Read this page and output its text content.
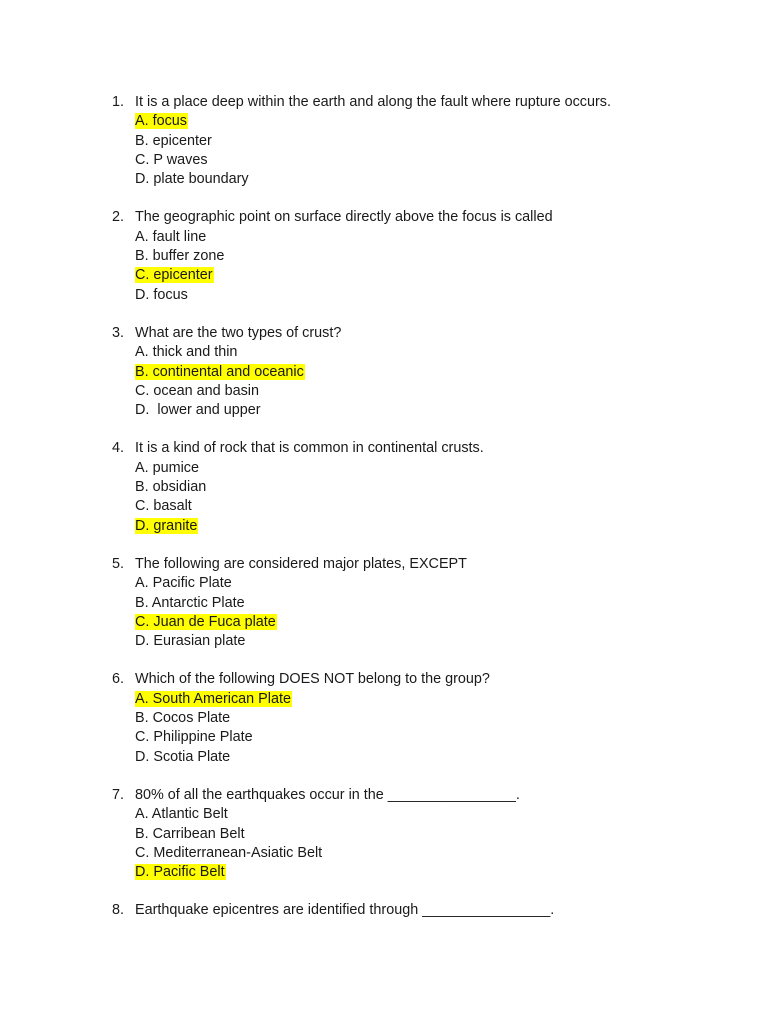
1. It is a place deep within the earth and along the fault where rupture occurs.
A. focus
B. epicenter
C. P waves
D. plate boundary
2. The geographic point on surface directly above the focus is called
A. fault line
B. buffer zone
C. epicenter
D. focus
3. What are the two types of crust?
A. thick and thin
B. continental and oceanic
C. ocean and basin
D.  lower and upper
4. It is a kind of rock that is common in continental crusts.
A. pumice
B. obsidian
C. basalt
D. granite
5. The following are considered major plates, EXCEPT
A. Pacific Plate
B. Antarctic Plate
C. Juan de Fuca plate
D. Eurasian plate
6. Which of the following DOES NOT belong to the group?
A. South American Plate
B. Cocos Plate
C. Philippine Plate
D. Scotia Plate
7. 80% of all the earthquakes occur in the ________________.
A. Atlantic Belt
B. Carribean Belt
C. Mediterranean-Asiatic Belt
D. Pacific Belt
8. Earthquake epicentres are identified through ________________.
